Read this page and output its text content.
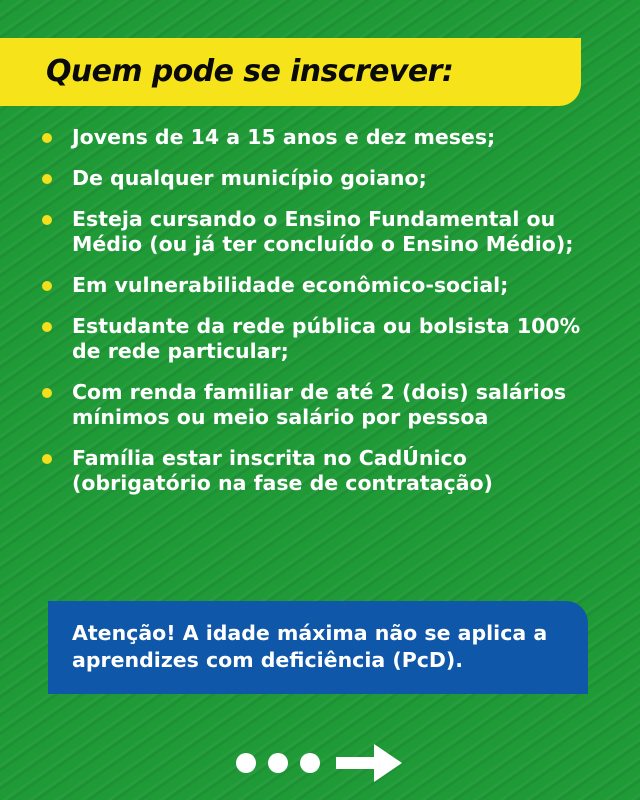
Quem pode se inscrever:
Jovens de 14 a 15 anos e dez meses;
De qualquer município goiano;
Esteja cursando o Ensino Fundamental ou Médio (ou já ter concluído o Ensino Médio);
Em vulnerabilidade econômico-social;
Estudante da rede pública ou bolsista 100% de rede particular;
Com renda familiar de até 2 (dois) salários mínimos ou meio salário por pessoa
Família estar inscrita no CadÚnico (obrigatório na fase de contratação)

Atenção! A idade máxima não se aplica a aprendizes com deficiência (PcD).
